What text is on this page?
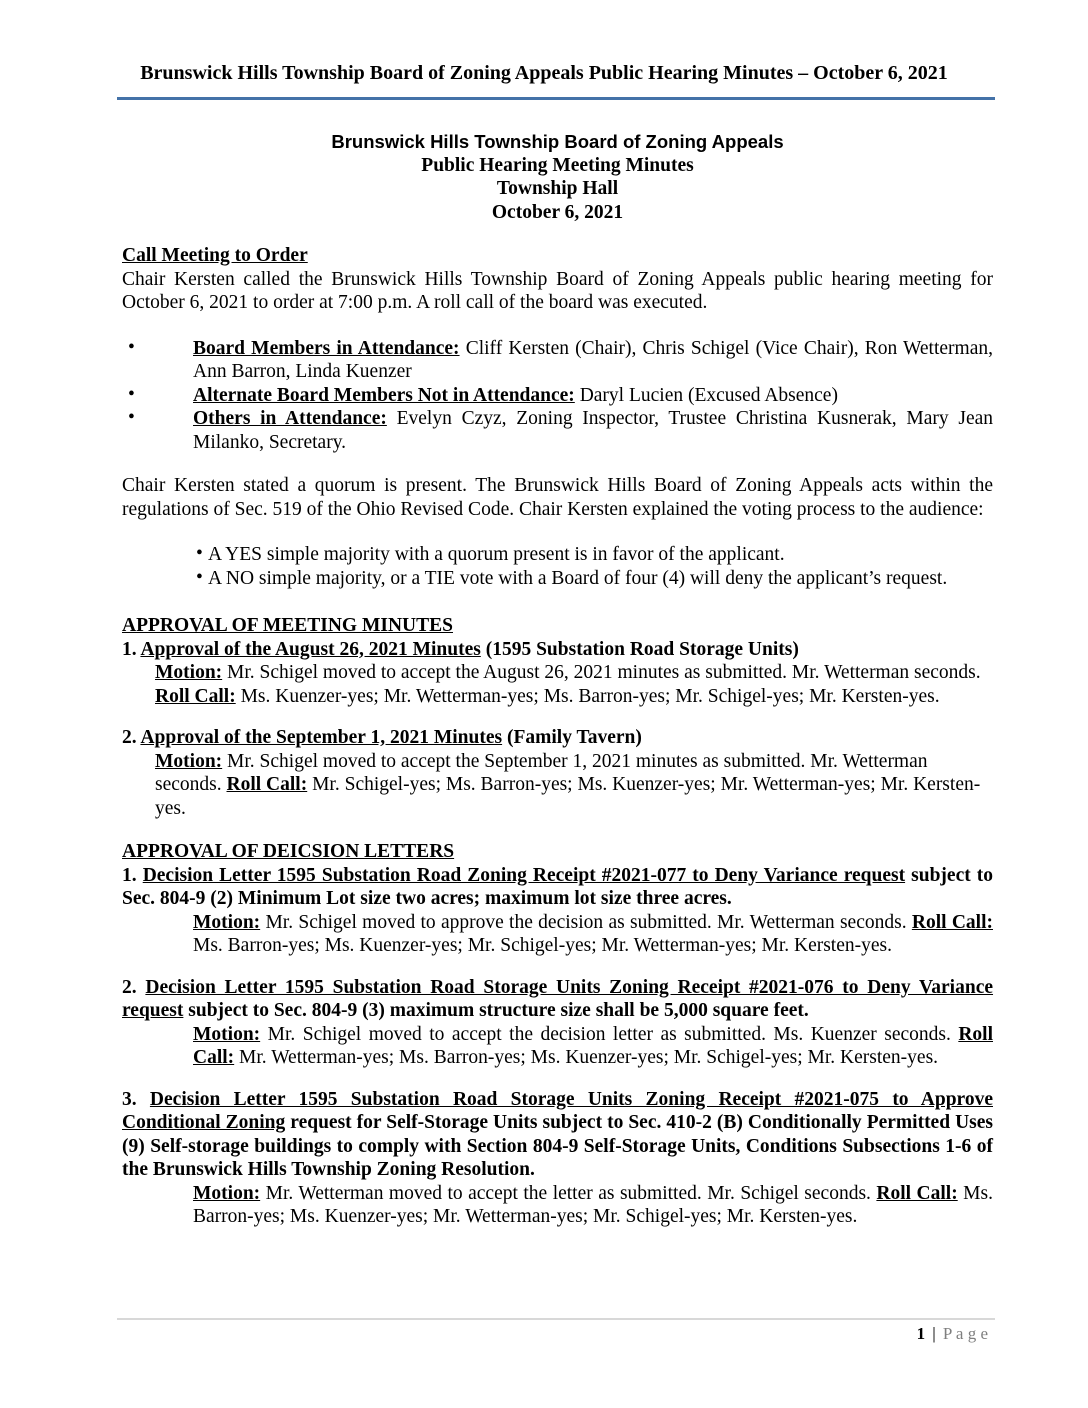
Brunswick Hills Township Board of Zoning Appeals Public Hearing Minutes – October 6, 2021
Brunswick Hills Township Board of Zoning Appeals
Public Hearing Meeting Minutes
Township Hall
October 6, 2021
Call Meeting to Order
Chair Kersten called the Brunswick Hills Township Board of Zoning Appeals public hearing meeting for October 6, 2021 to order at 7:00 p.m. A roll call of the board was executed.
•	Board Members in Attendance: Cliff Kersten (Chair), Chris Schigel (Vice Chair), Ron Wetterman, Ann Barron, Linda Kuenzer
•	Alternate Board Members Not in Attendance: Daryl Lucien (Excused Absence)
•	Others in Attendance: Evelyn Czyz, Zoning Inspector, Trustee Christina Kusnerak, Mary Jean Milanko, Secretary.
Chair Kersten stated a quorum is present. The Brunswick Hills Board of Zoning Appeals acts within the regulations of Sec. 519 of the Ohio Revised Code. Chair Kersten explained the voting process to the audience:
• A YES simple majority with a quorum present is in favor of the applicant.
• A NO simple majority, or a TIE vote with a Board of four (4) will deny the applicant’s request.
APPROVAL OF MEETING MINUTES
1. Approval of the August 26, 2021 Minutes (1595 Substation Road Storage Units)
Motion: Mr. Schigel moved to accept the August 26, 2021 minutes as submitted. Mr. Wetterman seconds. Roll Call: Ms. Kuenzer-yes; Mr. Wetterman-yes; Ms. Barron-yes; Mr. Schigel-yes; Mr. Kersten-yes.
2. Approval of the September 1, 2021 Minutes (Family Tavern)
Motion: Mr. Schigel moved to accept the September 1, 2021 minutes as submitted. Mr. Wetterman seconds. Roll Call: Mr. Schigel-yes; Ms. Barron-yes; Ms. Kuenzer-yes; Mr. Wetterman-yes; Mr. Kersten-yes.
APPROVAL OF DEICSION LETTERS
1. Decision Letter 1595 Substation Road Zoning Receipt #2021-077 to Deny Variance request subject to Sec. 804-9 (2) Minimum Lot size two acres; maximum lot size three acres.
Motion: Mr. Schigel moved to approve the decision as submitted. Mr. Wetterman seconds. Roll Call: Ms. Barron-yes; Ms. Kuenzer-yes; Mr. Schigel-yes; Mr. Wetterman-yes; Mr. Kersten-yes.
2. Decision Letter 1595 Substation Road Storage Units Zoning Receipt #2021-076 to Deny Variance request subject to Sec. 804-9 (3) maximum structure size shall be 5,000 square feet.
Motion: Mr. Schigel moved to accept the decision letter as submitted. Ms. Kuenzer seconds. Roll Call: Mr. Wetterman-yes; Ms. Barron-yes; Ms. Kuenzer-yes; Mr. Schigel-yes; Mr. Kersten-yes.
3. Decision Letter 1595 Substation Road Storage Units Zoning Receipt #2021-075 to Approve Conditional Zoning request for Self-Storage Units subject to Sec. 410-2 (B) Conditionally Permitted Uses (9) Self-storage buildings to comply with Section 804-9 Self-Storage Units, Conditions Subsections 1-6 of the Brunswick Hills Township Zoning Resolution.
Motion: Mr. Wetterman moved to accept the letter as submitted. Mr. Schigel seconds. Roll Call: Ms. Barron-yes; Ms. Kuenzer-yes; Mr. Wetterman-yes; Mr. Schigel-yes; Mr. Kersten-yes.
1 | P a g e
